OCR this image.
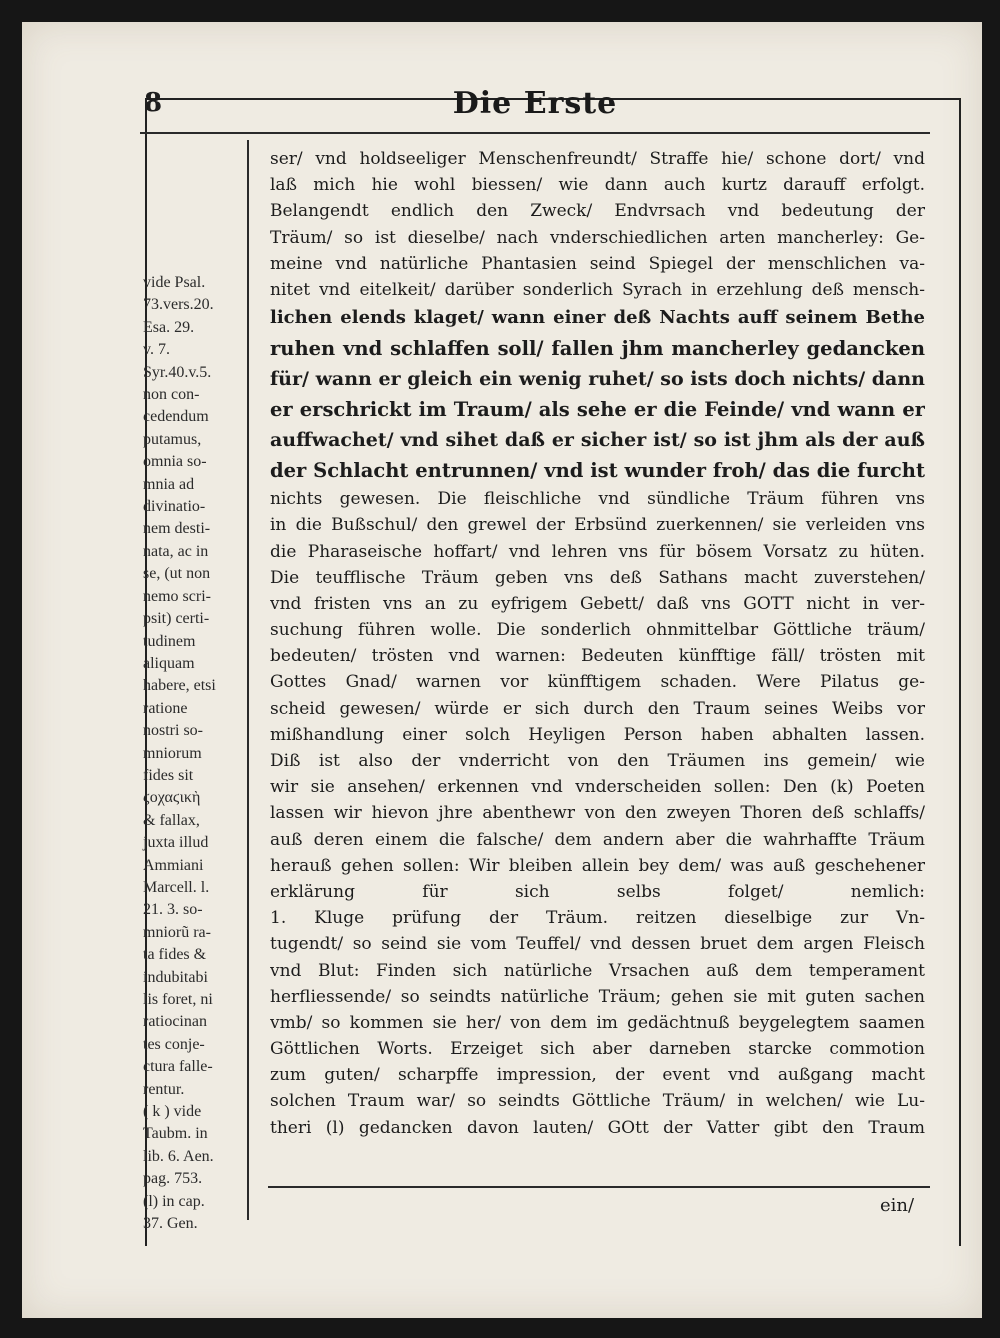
8	Die Erste
vide Psal.
73.vers.20.
Esa. 29.
v. 7.
Syr.40.v.5.
non con-
cedendum
putamus,
omnia so-
mnia ad
divinatio-
nem desti-
nata, ac in
se, (ut non
nemo scri-
psit) certi-
tudinem
aliquam
habere, etsi
ratione
nostri so-
mniorum
fides sit
ϛοχαϛικὴ
& fallax,
juxta illud
Ammiani
Marcell. l.
21. 3. so-
mniorũ ra-
ta fides &
indubitabi
lis foret, ni
ratiocinan
tes conje-
ctura falle-
rentur.
( k ) vide
Taubm. in
lib. 6. Aen.
pag. 753.
(l) in cap.
37. Gen.
ser/ vnd holdseeliger Menschenfreundt/ Straffe hie/ schone dort/ vnd
laß mich hie wohl biessen/ wie dann auch kurtz darauff erfolgt.
Belangendt endlich den Zweck/ Endvrsach vnd bedeutung der
Träum/ so ist dieselbe/ nach vnderschiedlichen arten mancherley: Ge-
meine vnd natürliche Phantasien seind Spiegel der menschlichen va-
nitet vnd eitelkeit/ darüber sonderlich Syrach in erzehlung deß mensch-
lichen elends klaget/ wann einer deß Nachts auff seinem Bethe
ruhen vnd schlaffen soll/ fallen jhm mancherley gedancken
für/ wann er gleich ein wenig ruhet/ so ists doch nichts/ dann
er erschrickt im Traum/ als sehe er die Feinde/ vnd wann er
auffwachet/ vnd sihet daß er sicher ist/ so ist jhm als der auß
der Schlacht entrunnen/ vnd ist wunder froh/ das die furcht
nichts gewesen. Die fleischliche vnd sündliche Träum führen vns
in die Bußschul/ den grewel der Erbsünd zuerkennen/ sie verleiden vns
die Pharaseische hoffart/ vnd lehren vns für bösem Vorsatz zu hüten.
Die teufflische Träum geben vns deß Sathans macht zuverstehen/
vnd fristen vns an zu eyfrigem Gebett/ daß vns GOTT nicht in ver-
suchung führen wolle. Die sonderlich ohnmittelbar Göttliche träum/
bedeuten/ trösten vnd warnen: Bedeuten künfftige fäll/ trösten mit
Gottes Gnad/ warnen vor künfftigem schaden. Were Pilatus ge-
scheid gewesen/ würde er sich durch den Traum seines Weibs vor
mißhandlung einer solch Heyligen Person haben abhalten lassen.
Diß ist also der vnderricht von den Träumen ins gemein/ wie
wir sie ansehen/ erkennen vnd vnderscheiden sollen: Den (k) Poeten
lassen wir hievon jhre abenthewr von den zweyen Thoren deß schlaffs/
auß deren einem die falsche/ dem andern aber die wahrhaffte Träum
herauß gehen sollen: Wir bleiben allein bey dem/ was auß geschehener
erklärung für sich selbs folget/ nemlich:
1. Kluge prüfung der Träum. reitzen dieselbige zur Vn-
tugendt/ so seind sie vom Teuffel/ vnd dessen bruet dem argen Fleisch
vnd Blut: Finden sich natürliche Vrsachen auß dem temperament
herfliessende/ so seindts natürliche Träum; gehen sie mit guten sachen
vmb/ so kommen sie her/ von dem im gedächtnuß beygelegtem saamen
Göttlichen Worts. Erzeiget sich aber darneben starcke commotion
zum guten/ scharpffe impression, der event vnd außgang macht
solchen Traum war/ so seindts Göttliche Träum/ in welchen/ wie Lu-
theri (l) gedancken davon lauten/ GOtt der Vatter gibt den Traum
ein/
